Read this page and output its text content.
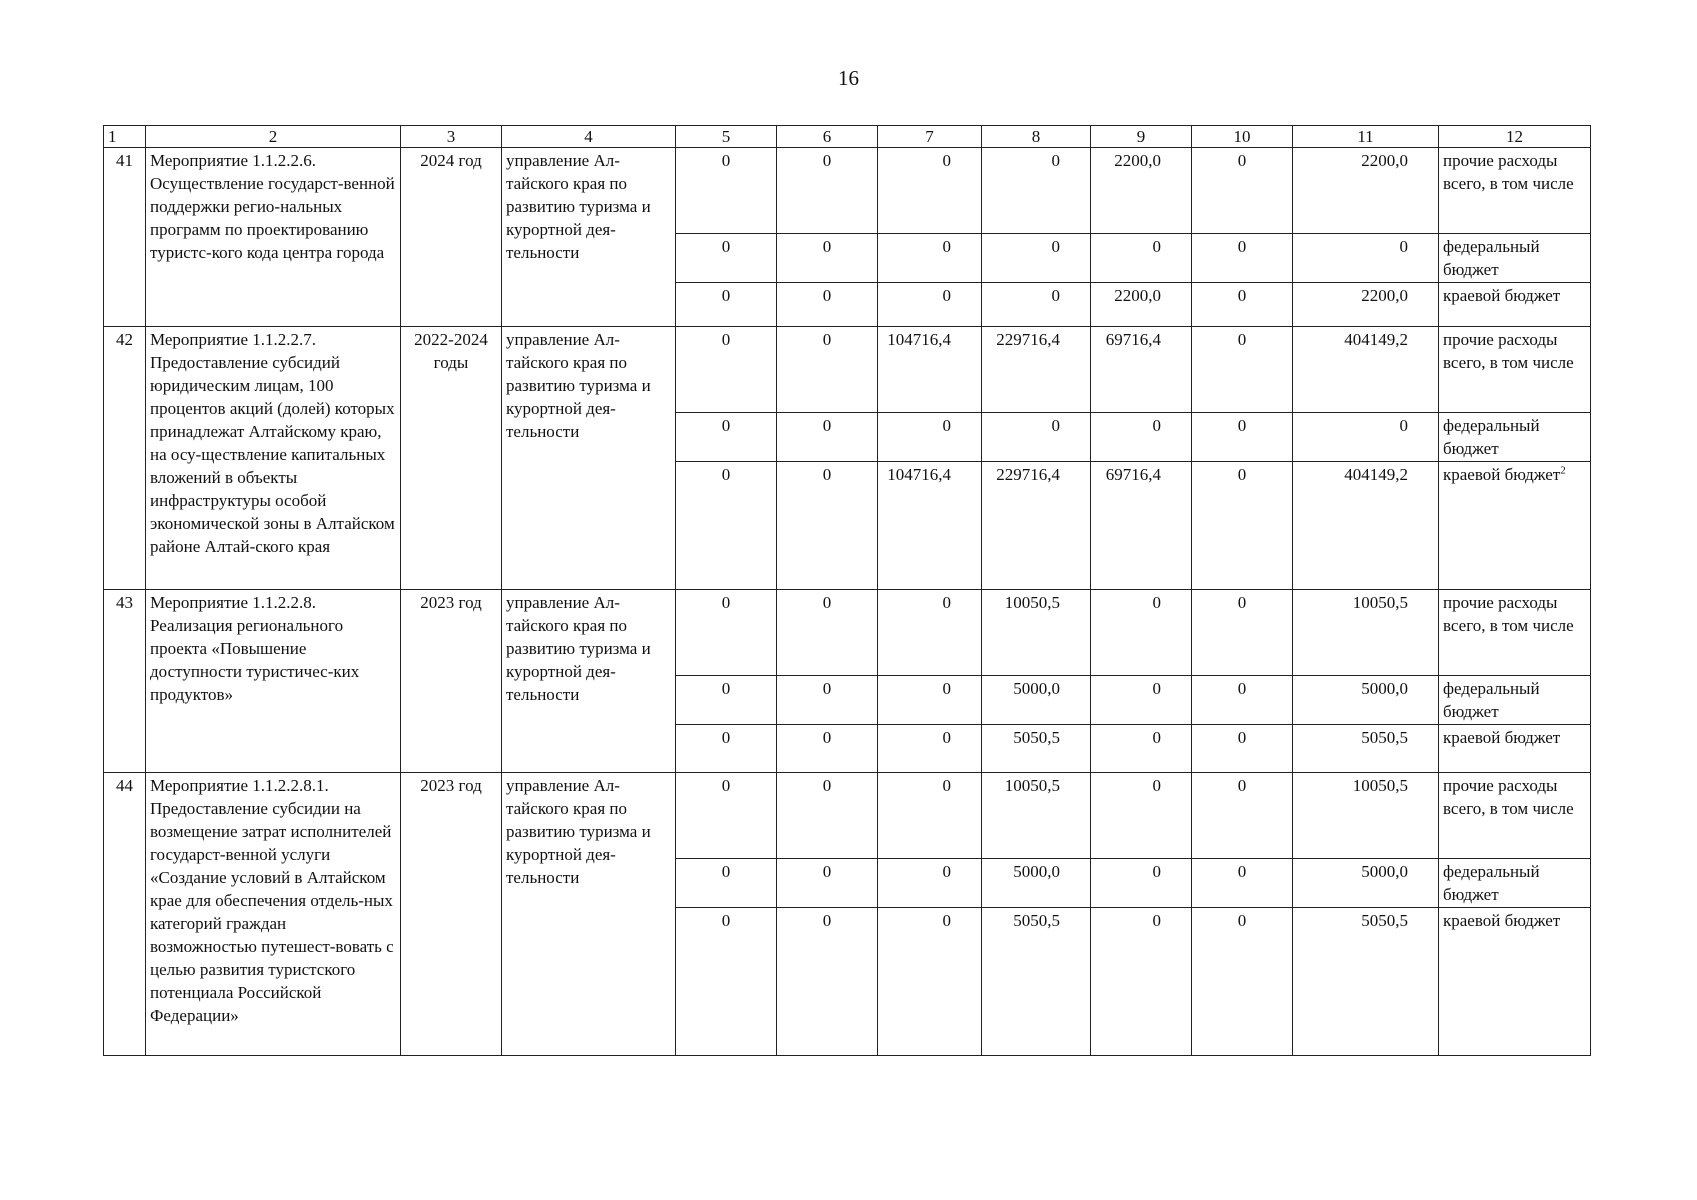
16
1	2	3	4	5	6	7	8	9	10	11	12
41	Мероприятие 1.1.2.2.6. Осуществление государст-венной поддержки регио-нальных программ по проектированию туристс-кого кода центра города	2024 год	управление Ал-тайского края по развитию туризма и курортной дея-тельности	0	0	0	0	2200,0	0	2200,0	прочие расходы всего, в том числе
				0	0	0	0	0	0	0	федеральный бюджет
				0	0	0	0	2200,0	0	2200,0	краевой бюджет
42	Мероприятие 1.1.2.2.7. Предоставление субсидий юридическим лицам, 100 процентов акций (долей) которых принадлежат Алтайскому краю, на осу-ществление капитальных вложений в объекты инфраструктуры особой экономической зоны в Алтайском районе Алтай-ского края	2022-2024 годы	управление Ал-тайского края по развитию туризма и курортной дея-тельности	0	0	104716,4	229716,4	69716,4	0	404149,2	прочие расходы всего, в том числе
				0	0	0	0	0	0	0	федеральный бюджет
				0	0	104716,4	229716,4	69716,4	0	404149,2	краевой бюджет$^2$
43	Мероприятие 1.1.2.2.8. Реализация регионального проекта «Повышение доступности туристичес-ких продуктов»	2023 год	управление Ал-тайского края по развитию туризма и курортной дея-тельности	0	0	0	10050,5	0	0	10050,5	прочие расходы всего, в том числе
				0	0	0	5000,0	0	0	5000,0	федеральный бюджет
				0	0	0	5050,5	0	0	5050,5	краевой бюджет
44	Мероприятие 1.1.2.2.8.1. Предоставление субсидии на возмещение затрат исполнителей государст-венной услуги «Создание условий в Алтайском крае для обеспечения отдель-ных категорий граждан возможностью путешест-вовать с целью развития туристского потенциала Российской Федерации»	2023 год	управление Ал-тайского края по развитию туризма и курортной дея-тельности	0	0	0	10050,5	0	0	10050,5	прочие расходы всего, в том числе
				0	0	0	5000,0	0	0	5000,0	федеральный бюджет
				0	0	0	5050,5	0	0	5050,5	краевой бюджет
